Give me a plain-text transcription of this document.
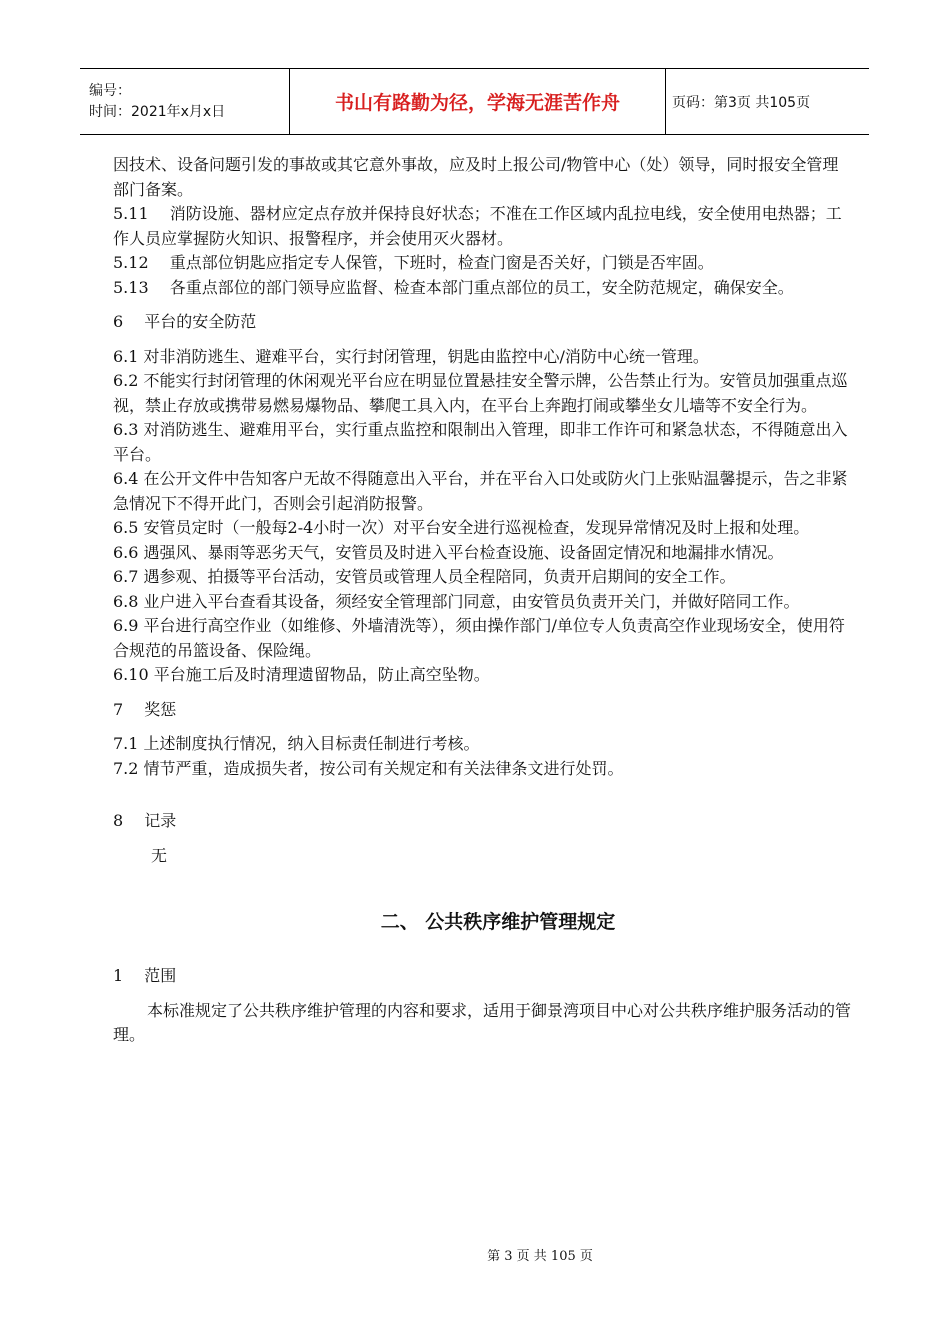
编号：
时间：2021年x月x日	书山有路勤为径，学海无涯苦作舟	页码：第3页 共105页

因技术、设备问题引发的事故或其它意外事故，应及时上报公司/物管中心（处）领导，同时报安全管理部门备案。

5.11　 消防设施、器材应定点存放并保持良好状态；不准在工作区域内乱拉电线，安全使用电热器；工作人员应掌握防火知识、报警程序，并会使用灭火器材。

5.12　 重点部位钥匙应指定专人保管，下班时，检查门窗是否关好，门锁是否牢固。

5.13　 各重点部位的部门领导应监督、检查本部门重点部位的员工，安全防范规定，确保安全。

6　 平台的安全防范

6.1 对非消防逃生、避难平台，实行封闭管理，钥匙由监控中心/消防中心统一管理。

6.2 不能实行封闭管理的休闲观光平台应在明显位置悬挂安全警示牌，公告禁止行为。安管员加强重点巡视，禁止存放或携带易燃易爆物品、攀爬工具入内，在平台上奔跑打闹或攀坐女儿墙等不安全行为。

6.3 对消防逃生、避难用平台，实行重点监控和限制出入管理，即非工作许可和紧急状态，不得随意出入平台。

6.4 在公开文件中告知客户无故不得随意出入平台，并在平台入口处或防火门上张贴温馨提示，告之非紧急情况下不得开此门，否则会引起消防报警。

6.5 安管员定时（一般每2-4小时一次）对平台安全进行巡视检查，发现异常情况及时上报和处理。

6.6 遇强风、暴雨等恶劣天气，安管员及时进入平台检查设施、设备固定情况和地漏排水情况。

6.7 遇参观、拍摄等平台活动，安管员或管理人员全程陪同，负责开启期间的安全工作。

6.8 业户进入平台查看其设备，须经安全管理部门同意，由安管员负责开关门，并做好陪同工作。

6.9 平台进行高空作业（如维修、外墙清洗等），须由操作部门/单位专人负责高空作业现场安全，使用符合规范的吊篮设备、保险绳。

6.10 平台施工后及时清理遗留物品，防止高空坠物。

7　 奖惩

7.1 上述制度执行情况，纳入目标责任制进行考核。

7.2 情节严重，造成损失者，按公司有关规定和有关法律条文进行处罚。

8　 记录

无

二、 公共秩序维护管理规定

1　 范围

本标准规定了公共秩序维护管理的内容和要求，适用于御景湾项目中心对公共秩序维护服务活动的管理。

第 3 页 共 105 页
